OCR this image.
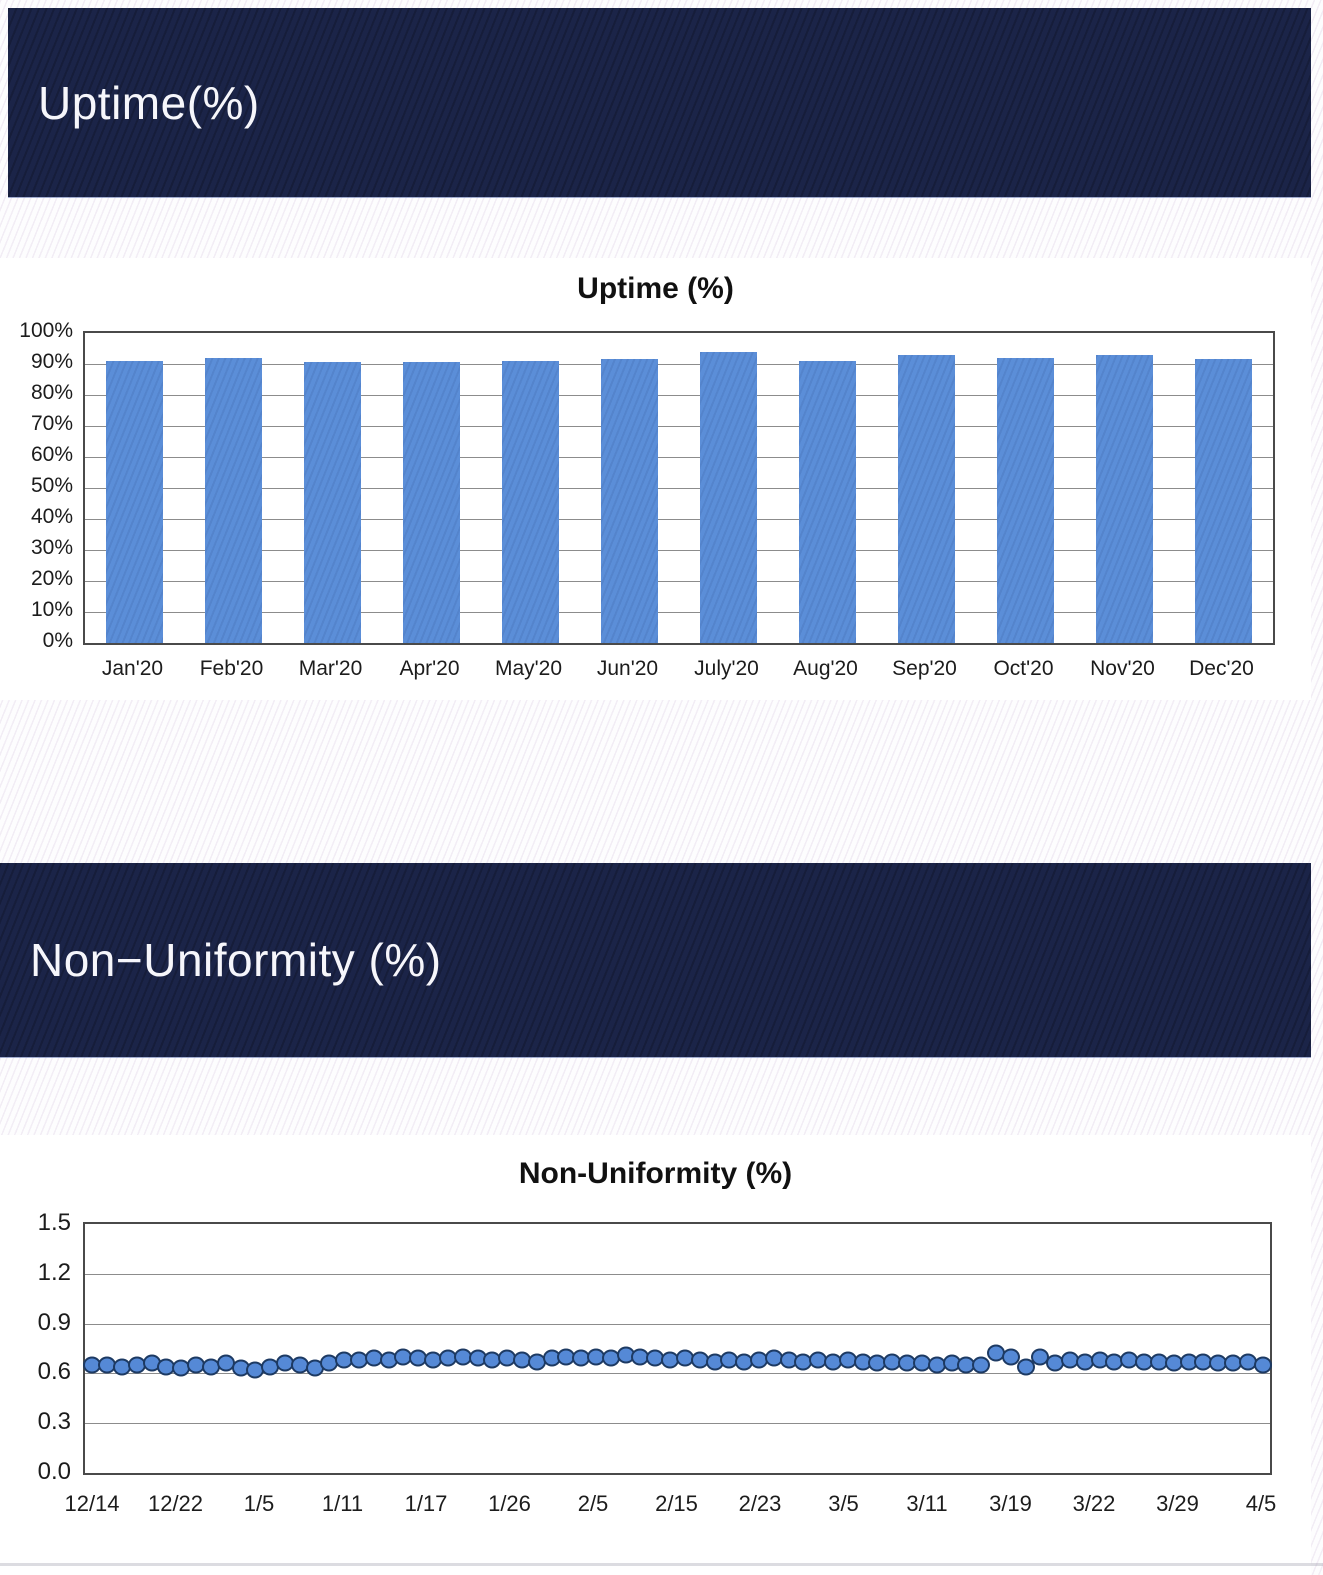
Uptime(%)
Uptime (%)
100%
90%
80%
70%
60%
50%
40%
30%
20%
10%
0%
Jan'20 Feb'20 Mar'20 Apr'20 May'20 Jun'20 July'20 Aug'20 Sep'20 Oct'20 Nov'20 Dec'20
Non−Uniformity (%)
Non-Uniformity (%)
1.5
1.2
0.9
0.6
0.3
0.0
12/14 12/22 1/5 1/11 1/17 1/26 2/5 2/15 2/23 3/5 3/11 3/19 3/22 3/29 4/5
